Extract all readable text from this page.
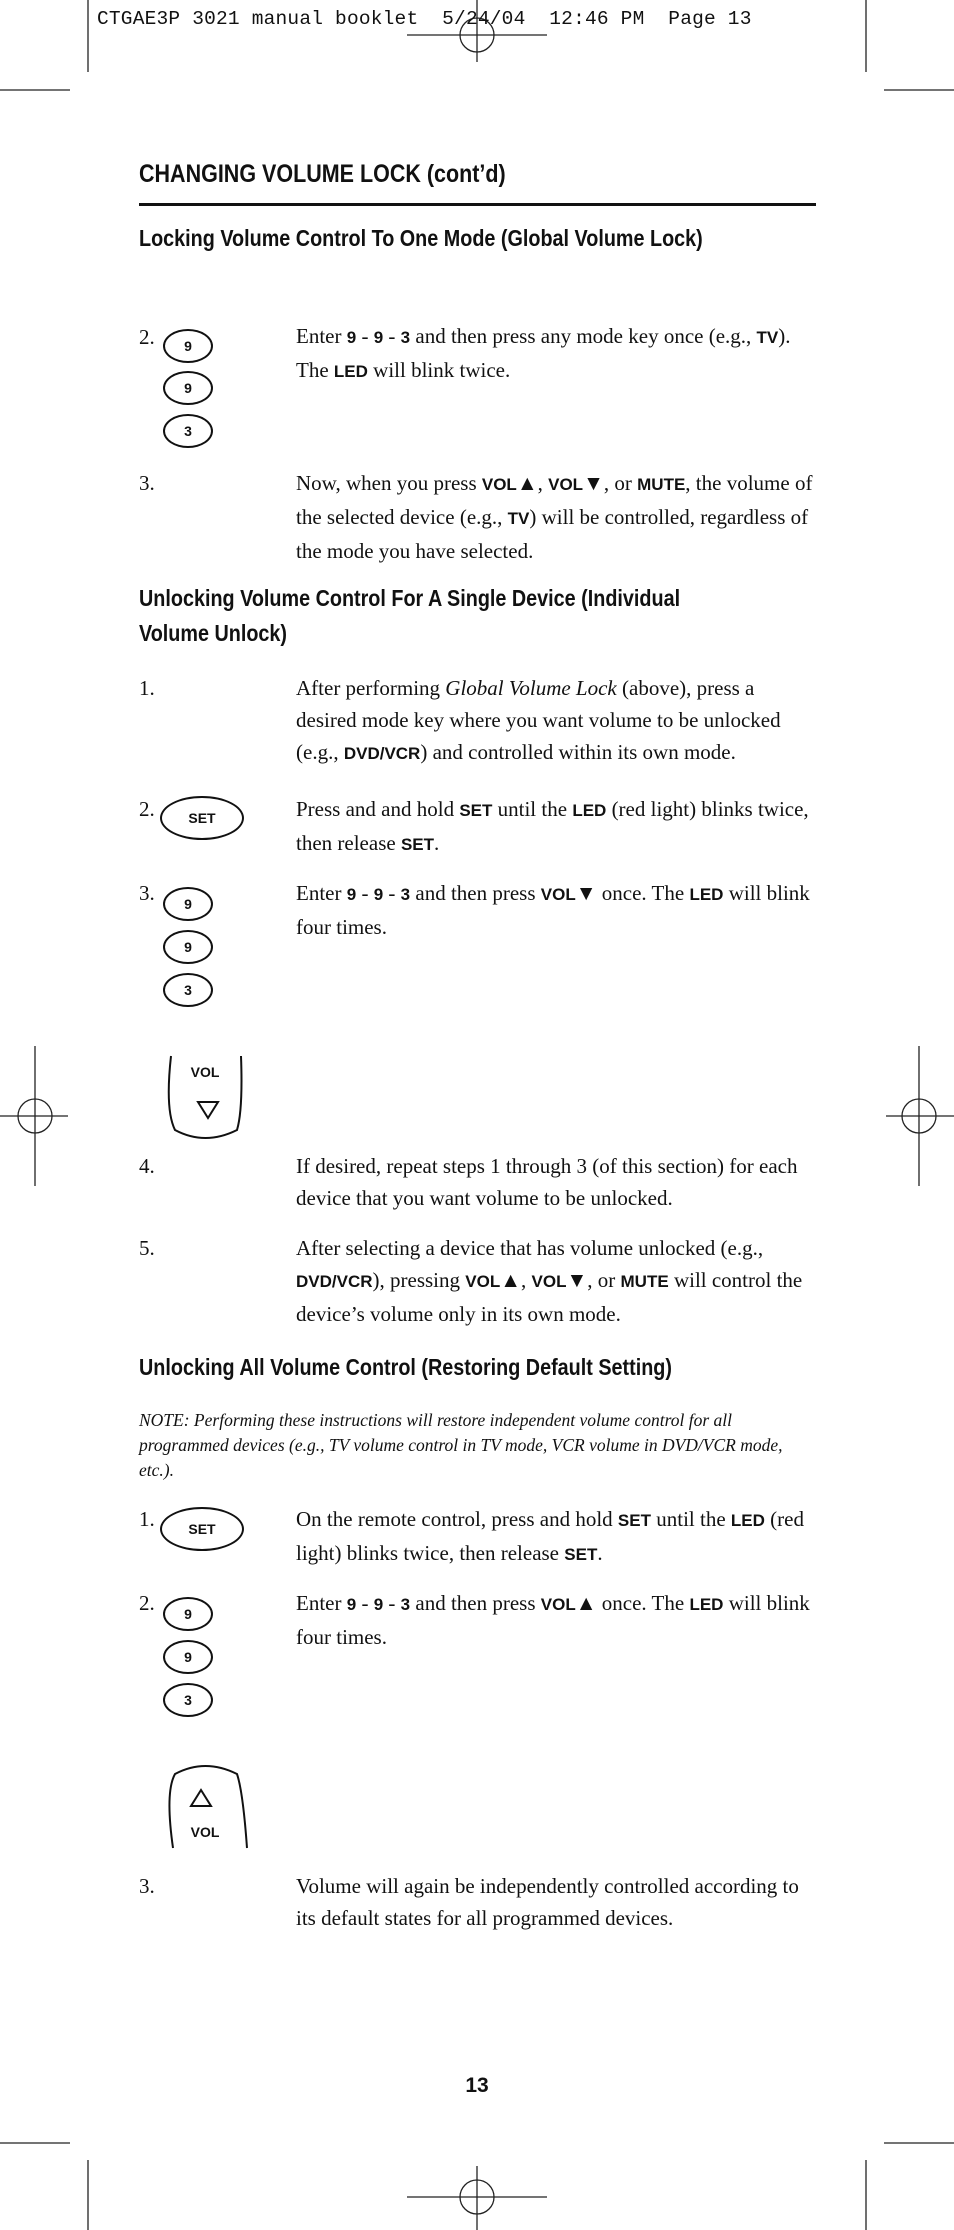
CTGAE3P 3021 manual booklet  5/24/04  12:46 PM  Page 13
CHANGING VOLUME LOCK (cont’d)
Locking Volume Control To One Mode (Global Volume Lock)
2.	9
9
3
Enter 9 - 9 - 3 and then press any mode key once (e.g., TV).
The LED will blink twice.
3.	Now, when you press VOL▲, VOL▼, or MUTE, the volume of the selected device (e.g., TV) will be controlled, regardless of the mode you have selected.
Unlocking Volume Control For A Single Device (Individual Volume Unlock)
1.	After performing Global Volume Lock (above), press a desired mode key where you want volume to be unlocked (e.g., DVD/VCR) and controlled within its own mode.
2.	SET	Press and and hold SET until the LED (red light) blinks twice, then release SET.
3.	9
9
3
VOL
Enter 9 - 9 - 3 and then press VOL▼ once. The LED will blink four times.
4.	If desired, repeat steps 1 through 3 (of this section) for each device that you want volume to be unlocked.
5.	After selecting a device that has volume unlocked (e.g., DVD/VCR), pressing VOL▲, VOL▼, or MUTE will control the device’s volume only in its own mode.
Unlocking All Volume Control (Restoring Default Setting)
NOTE: Performing these instructions will restore independent volume control for all programmed devices (e.g., TV volume control in TV mode, VCR volume in DVD/VCR mode, etc.).
1.	SET	On the remote control, press and hold SET until the LED (red light) blinks twice, then release SET.
2.	9
9
3
VOL
Enter 9 - 9 - 3 and then press VOL▲ once. The LED will blink four times.
3.	Volume will again be independently controlled according to its default states for all programmed devices.
13
